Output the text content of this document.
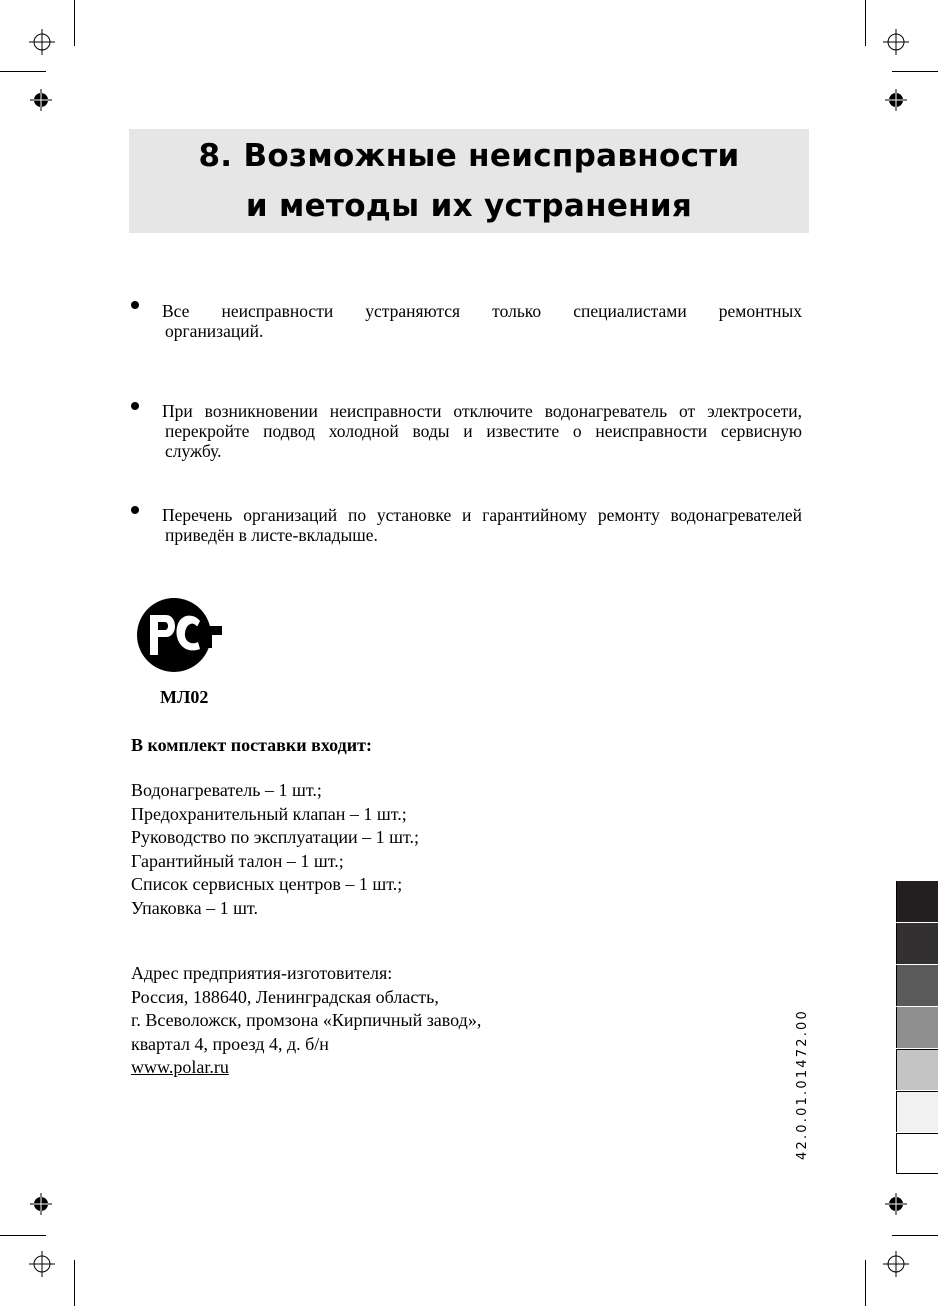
8. Возможные неисправности
и методы их устранения
Все неисправности устраняются только специалистами ремонтных
организаций.
При возникновении неисправности отключите водонагреватель от электросети,
перекройте подвод холодной воды и известите о неисправности сервисную
службу.
Перечень организаций по установке и гарантийному ремонту водонагревателей
приведён в листе-вкладыше.
МЛ02
В комплект поставки входит:
Водонагреватель – 1 шт.;
Предохранительный клапан – 1 шт.;
Руководство по эксплуатации – 1 шт.;
Гарантийный талон – 1 шт.;
Список сервисных центров – 1 шт.;
Упаковка – 1 шт.
Адрес предприятия-изготовителя:
Россия, 188640, Ленинградская область,
г. Всеволожск, промзона «Кирпичный завод»,
квартал 4, проезд 4, д. б/н
www.polar.ru	42.0.01.01472.00
